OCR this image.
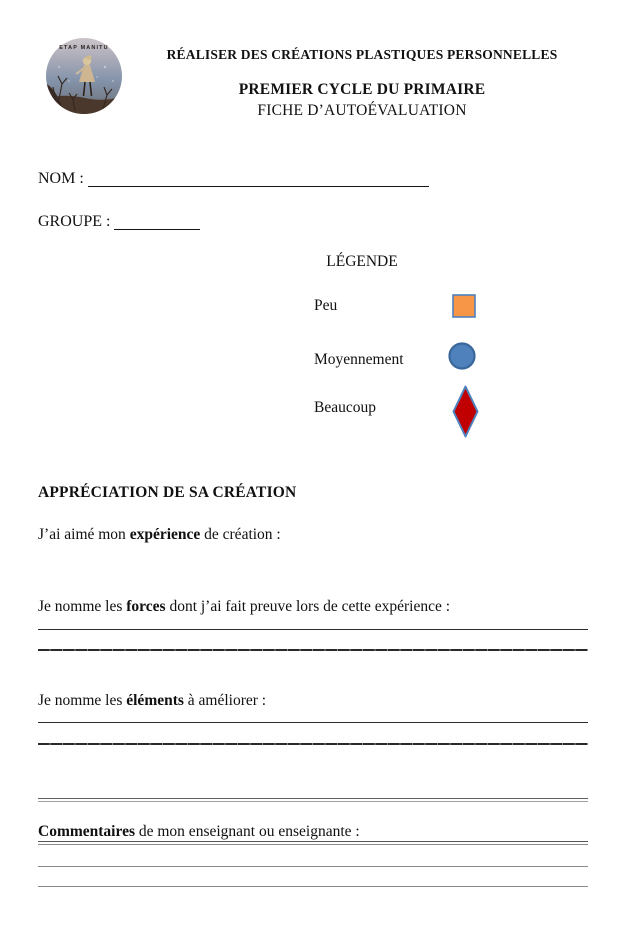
ETAP MANITU	RÉALISER DES CRÉATIONS PLASTIQUES PERSONNELLES
PREMIER CYCLE DU PRIMAIRE
FICHE D’AUTOÉVALUATION
NOM :
GROUPE :
LÉGENDE
Peu
Moyennement
Beaucoup
APPRÉCIATION DE SA CRÉATION
J’ai aimé mon expérience de création :
Je nomme les forces dont j’ai fait preuve lors de cette expérience :
Je nomme les éléments à améliorer :
Commentaires de mon enseignant ou enseignante :
